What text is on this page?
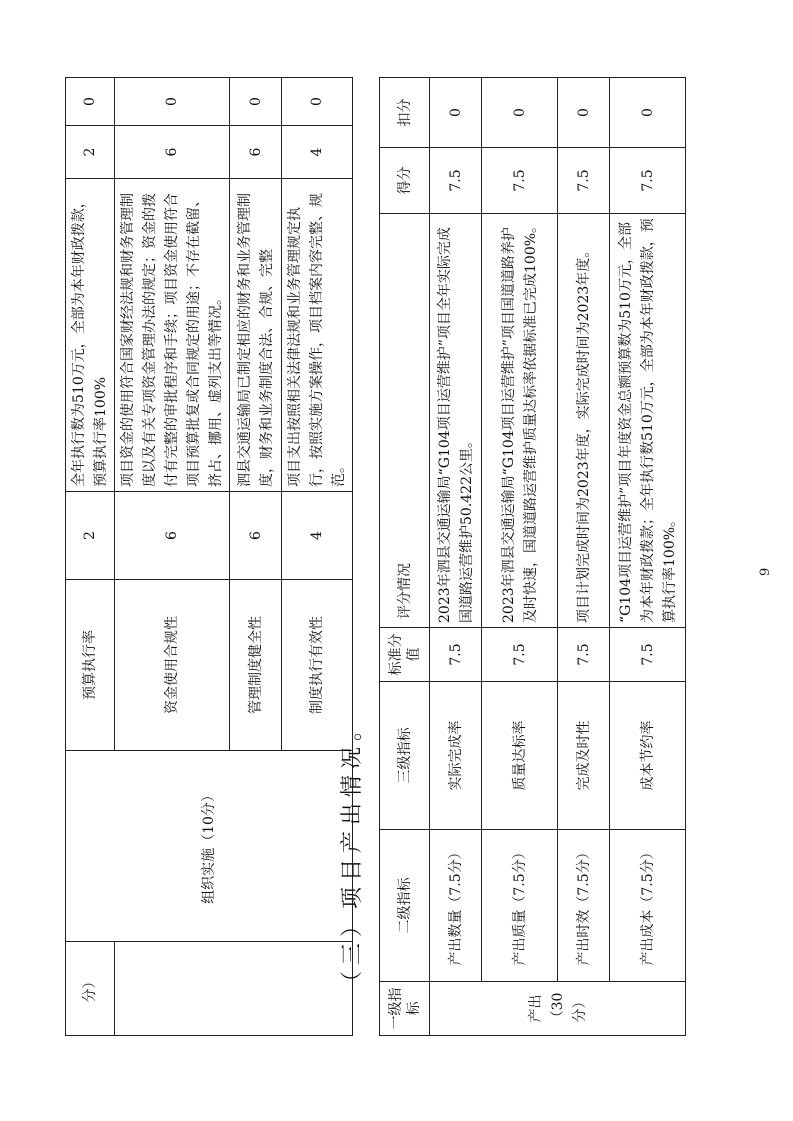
分）	组织实施（10分）	预算执行率	2	全年执行数为510万元，全部为本年财政拨款，预算执行率100%	2	0
		资金使用合规性	6	项目资金的使用符合国家财经法规和财务管理制度以及有关专项资金管理办法的规定；资金的拨付有完整的审批程序和手续；项目资金使用符合项目预算批复或合同规定的用途；不存在截留、挤占、挪用、虚列支出等情况。	6	0
		管理制度健全性	6	泗县交通运输局已制定相应的财务和业务管理制度，财务和业务制度合法、合规、完整	6	0
		制度执行有效性	4	项目支出按照相关法律法规和业务管理规定执行，按照实施方案操作，项目档案内容完整、规范。	4	0
（三）项目产出情况。
一级指标	二级指标	三级指标	标准分值	评分情况	得分	扣分
产出（30分）	产出数量（7.5分）	实际完成率	7.5	2023年泗县交通运输局“G104项目运营维护”项目全年实际完成国道路运营维护50.422公里。	7.5	0
	产出质量（7.5分）	质量达标率	7.5	2023年泗县交通运输局“G104项目运营维护”项目国道道路养护及时快速，国道道路运营维护质量达标率依据标准已完成100%。	7.5	0
	产出时效（7.5分）	完成及时性	7.5	项目计划完成时间为2023年度，实际完成时间为2023年度。	7.5	0
	产出成本（7.5分）	成本节约率	7.5	“G104项目运营维护”项目年度资金总额预算数为510万元，全部为本年财政拨款；全年执行数510万元，全部为本年财政拨款，预算执行率100%。	7.5	0
9
